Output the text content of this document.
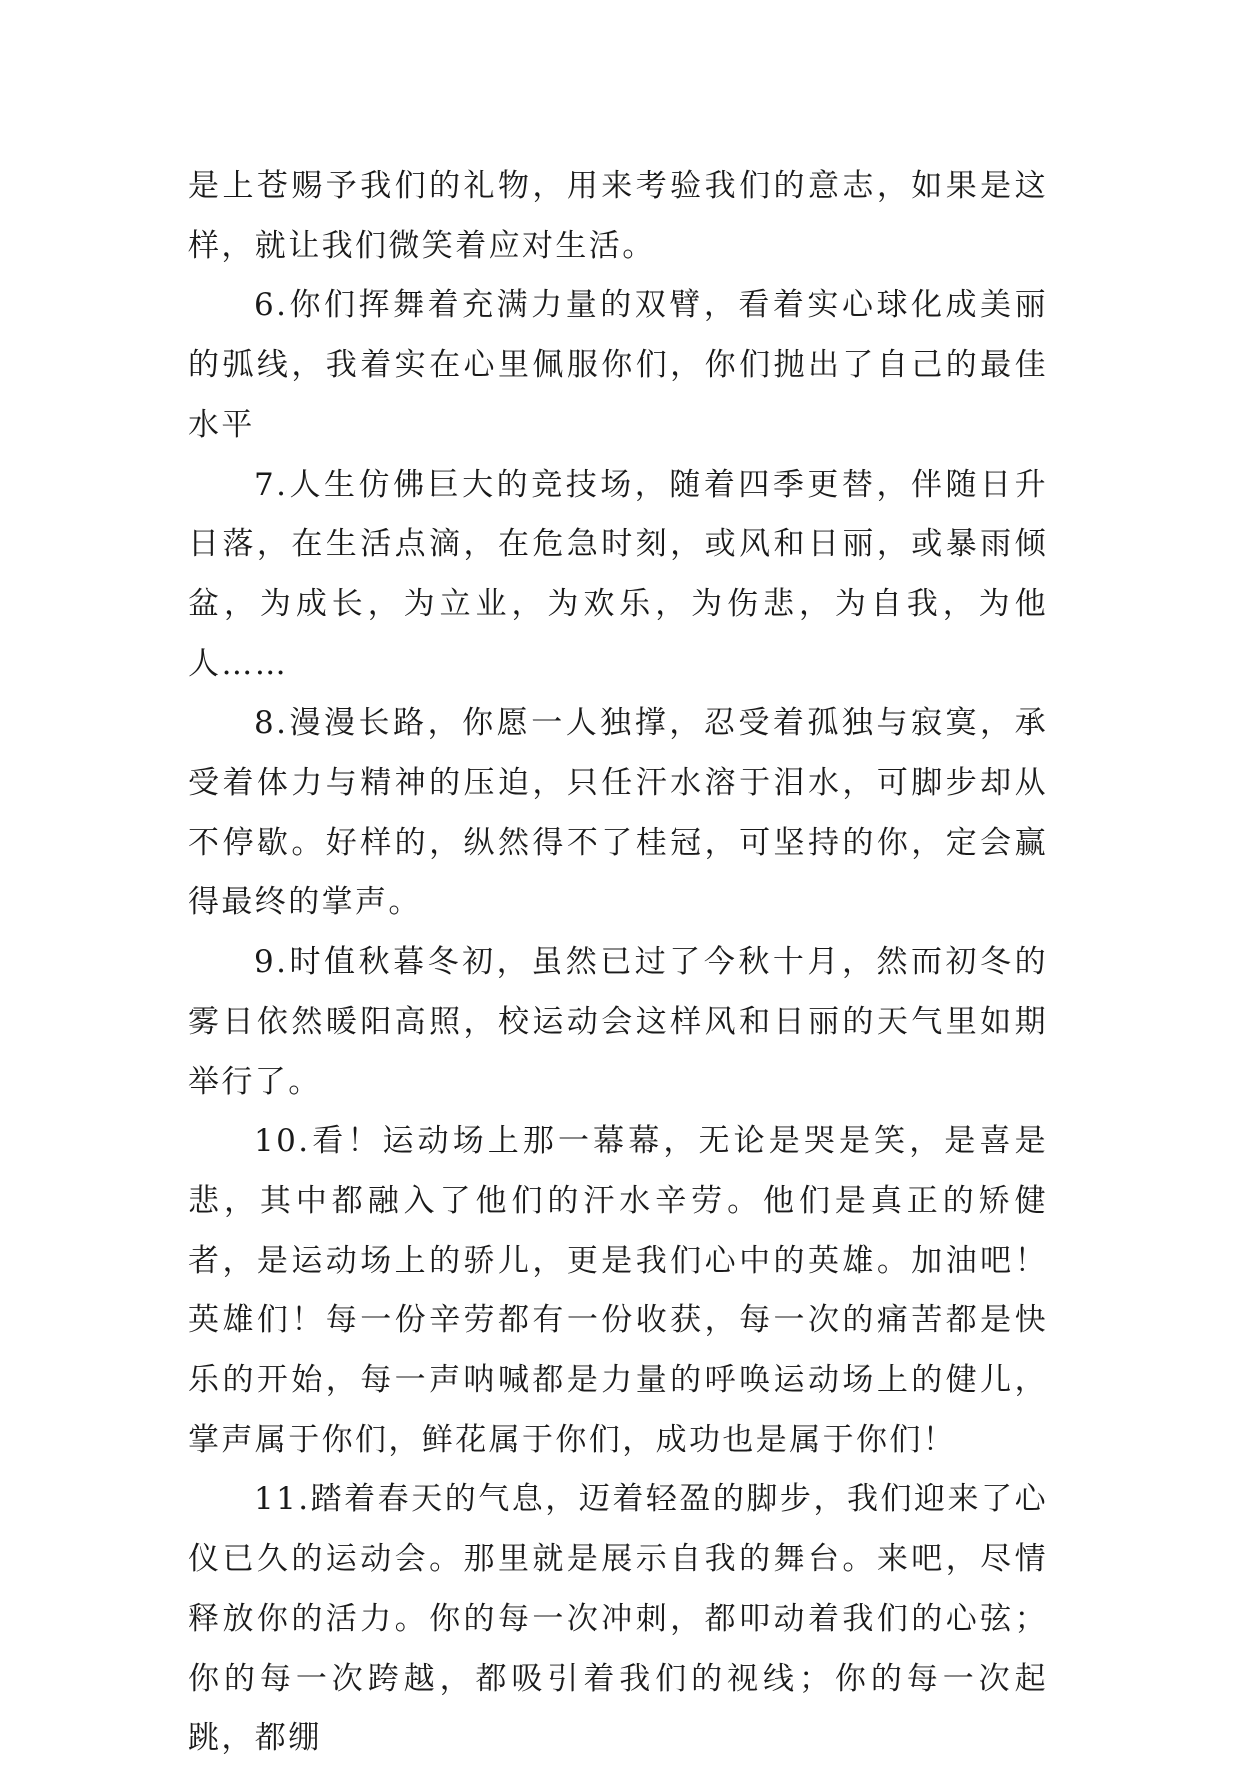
是上苍赐予我们的礼物，用来考验我们的意志，如果是这样，就让我们微笑着应对生活。

6.你们挥舞着充满力量的双臂，看着实心球化成美丽的弧线，我着实在心里佩服你们，你们抛出了自己的最佳水平

7.人生仿佛巨大的竞技场，随着四季更替，伴随日升日落，在生活点滴，在危急时刻，或风和日丽，或暴雨倾盆，为成长，为立业，为欢乐，为伤悲，为自我，为他人……

8.漫漫长路，你愿一人独撑，忍受着孤独与寂寞，承受着体力与精神的压迫，只任汗水溶于泪水，可脚步却从不停歇。好样的，纵然得不了桂冠，可坚持的你，定会赢得最终的掌声。

9.时值秋暮冬初，虽然已过了今秋十月，然而初冬的雾日依然暖阳高照，校运动会这样风和日丽的天气里如期举行了。

10.看！运动场上那一幕幕，无论是哭是笑，是喜是悲，其中都融入了他们的汗水辛劳。他们是真正的矫健者，是运动场上的骄儿，更是我们心中的英雄。加油吧！英雄们！每一份辛劳都有一份收获，每一次的痛苦都是快乐的开始，每一声呐喊都是力量的呼唤运动场上的健儿，掌声属于你们，鲜花属于你们，成功也是属于你们！

11.踏着春天的气息，迈着轻盈的脚步，我们迎来了心仪已久的运动会。那里就是展示自我的舞台。来吧，尽情释放你的活力。你的每一次冲刺，都叩动着我们的心弦；你的每一次跨越，都吸引着我们的视线；你的每一次起跳，都绷
